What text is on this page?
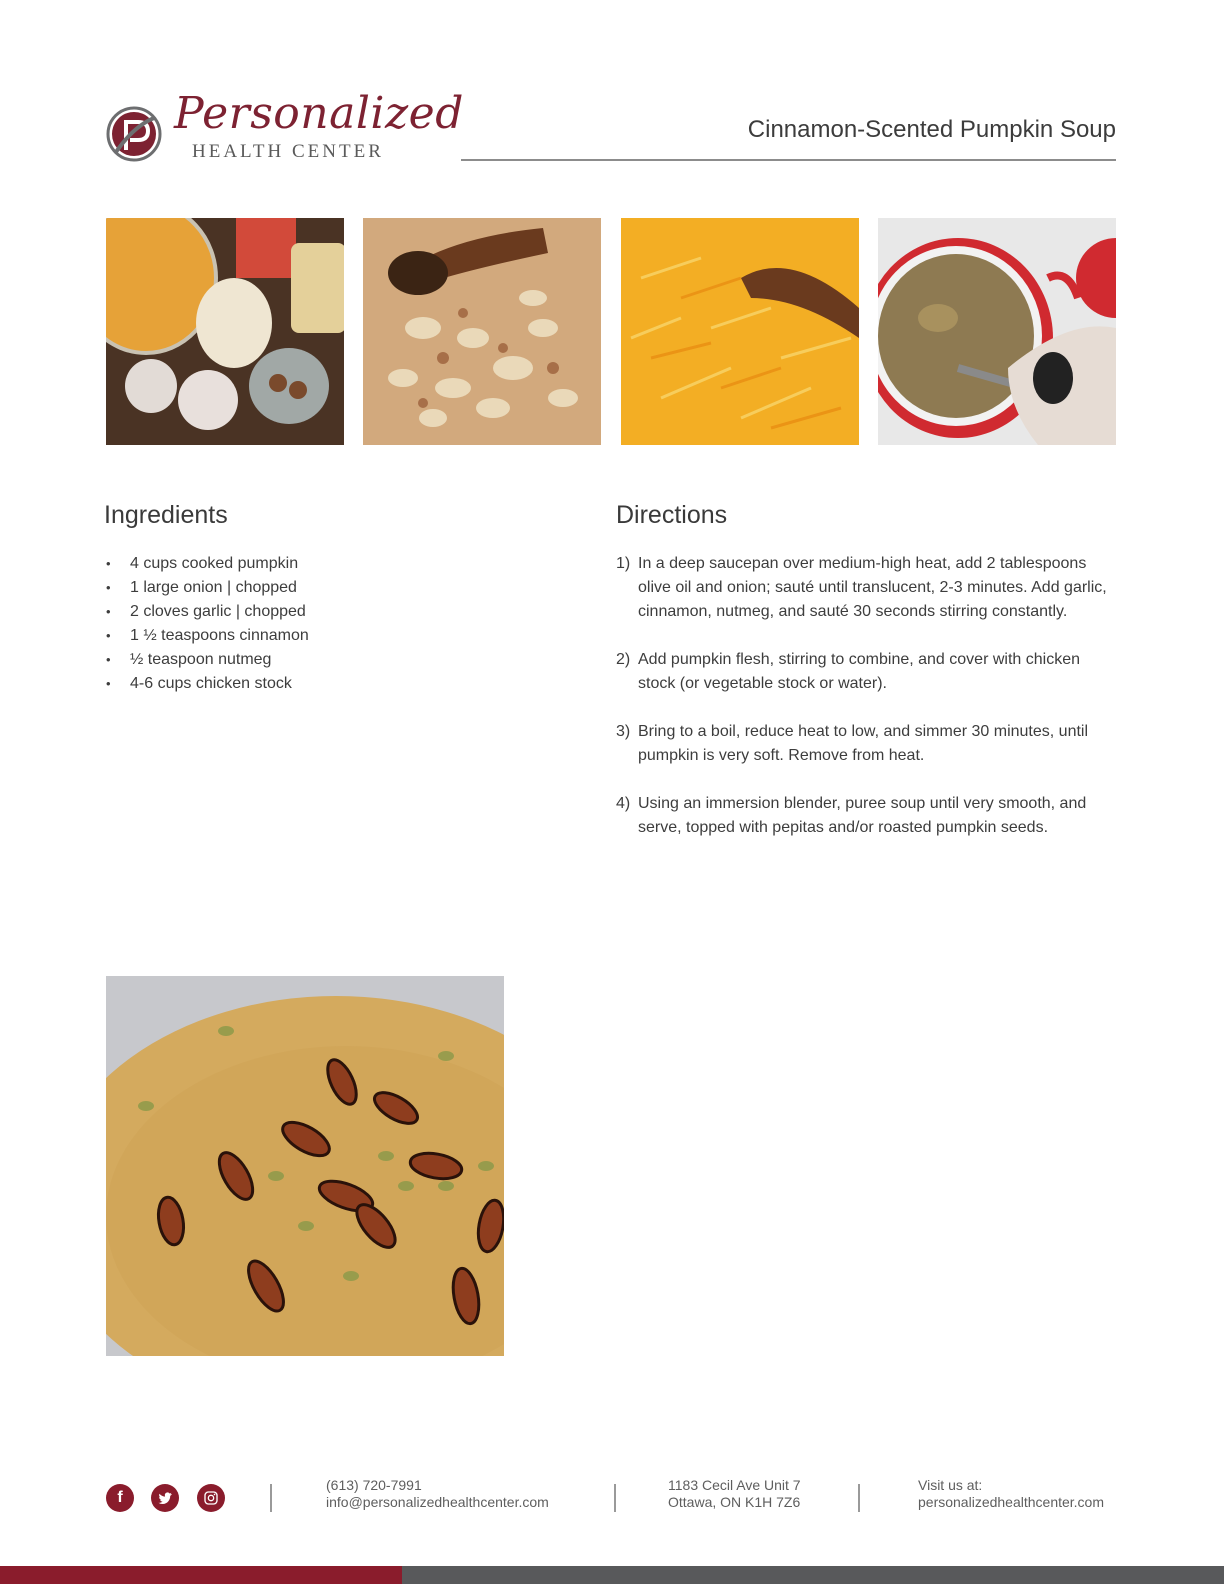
Personalized
HEALTH CENTER
Cinnamon-Scented Pumpkin Soup
Ingredients
•	4 cups cooked pumpkin
•	1 large onion | chopped
•	2 cloves garlic | chopped
•	1 ½ teaspoons cinnamon
•	½ teaspoon nutmeg
•	4-6 cups chicken stock
Directions
1) In a deep saucepan over medium-high heat, add 2 tablespoons olive oil and onion; sauté until translucent, 2-3 minutes. Add garlic, cinnamon, nutmeg, and sauté 30 seconds stirring constantly.
2) Add pumpkin flesh, stirring to combine, and cover with chicken stock (or vegetable stock or water).
3) Bring to a boil, reduce heat to low, and simmer 30 minutes, until pumpkin is very soft. Remove from heat.
4) Using an immersion blender, puree soup until very smooth, and serve, topped with pepitas and/or roasted pumpkin seeds.
f
(613) 720-7991
info@personalizedhealthcenter.com
1183 Cecil Ave Unit 7
Ottawa, ON K1H 7Z6
Visit us at:
personalizedhealthcenter.com
